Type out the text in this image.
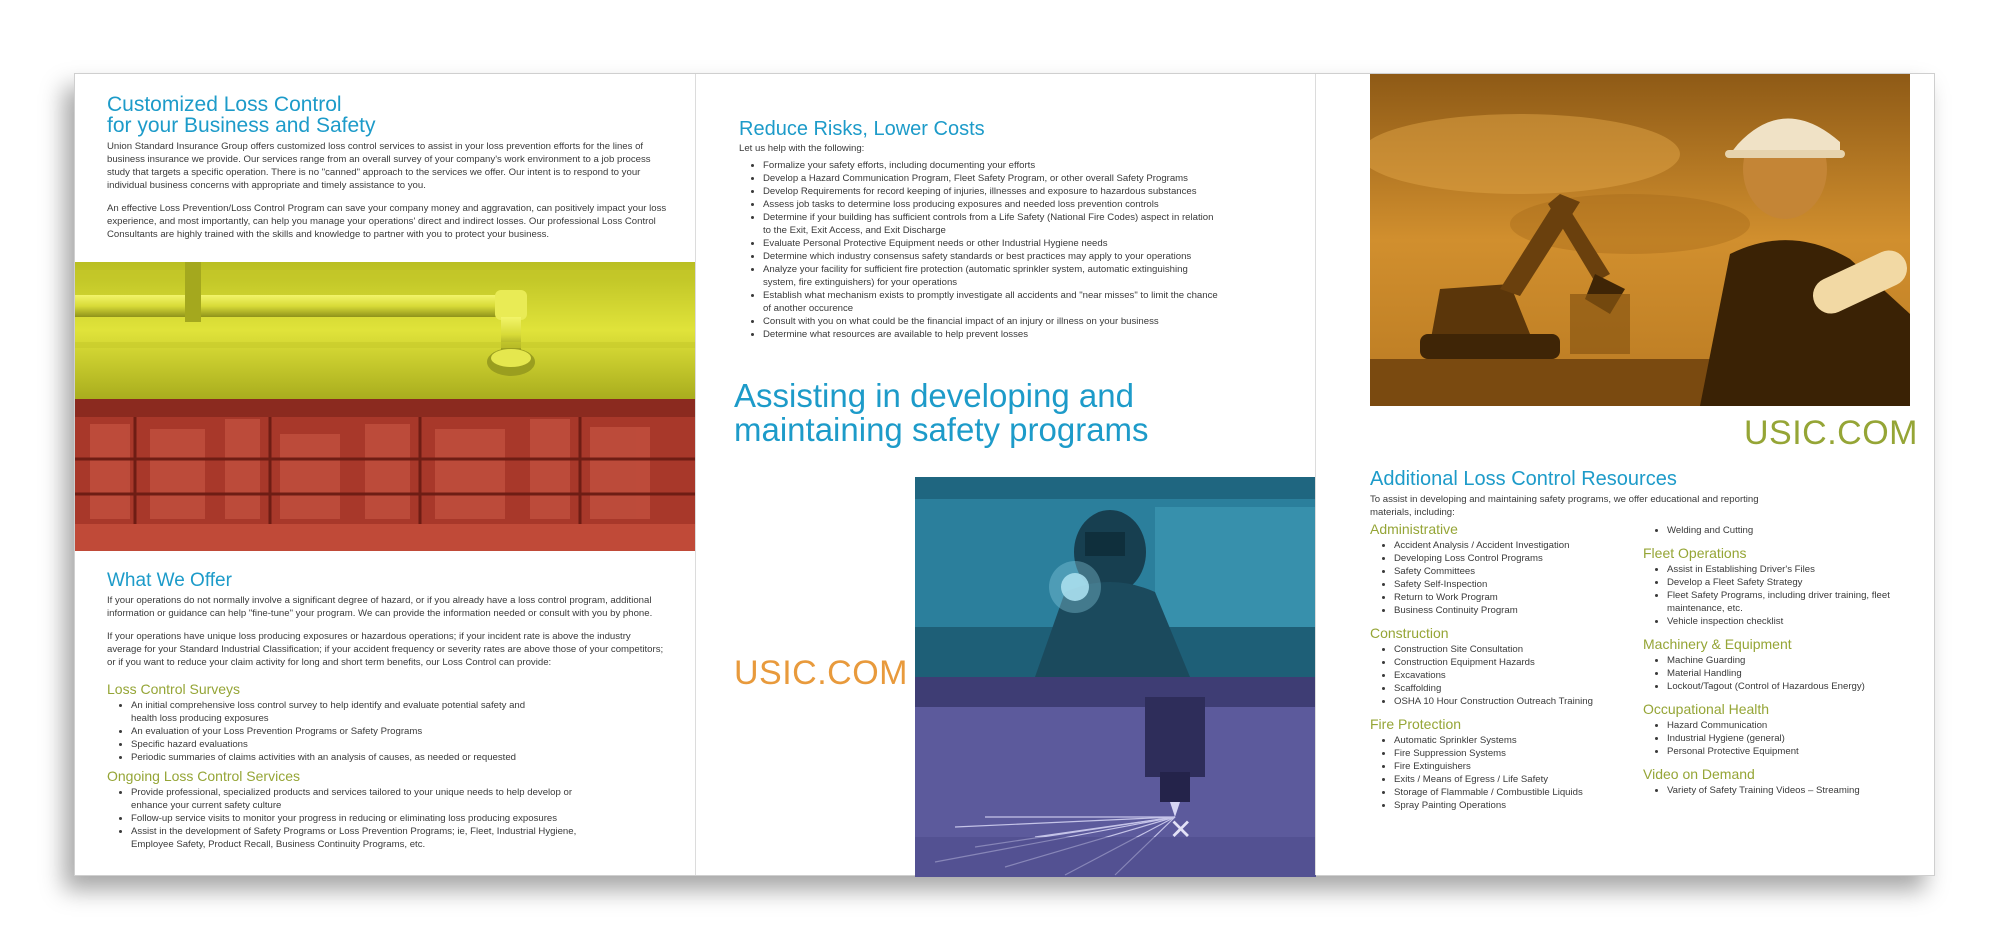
Customized Loss Control
for your Business and Safety

Union Standard Insurance Group offers customized loss control services to assist in your loss prevention efforts for the lines of business insurance we provide. Our services range from an overall survey of your company's work environment to a job process study that targets a specific operation. There is no "canned" approach to the services we offer. Our intent is to respond to your individual business concerns with appropriate and timely assistance to you.

An effective Loss Prevention/Loss Control Program can save your company money and aggravation, can positively impact your loss experience, and most importantly, can help you manage your operations' direct and indirect losses. Our professional Loss Control Consultants are highly trained with the skills and knowledge to partner with you to protect your business.

What We Offer

If your operations do not normally involve a significant degree of hazard, or if you already have a loss control program, additional information or guidance can help "fine-tune" your program. We can provide the information needed or consult with you by phone.

If your operations have unique loss producing exposures or hazardous operations; if your incident rate is above the industry average for your Standard Industrial Classification; if your accident frequency or severity rates are above those of your competitors; or if you want to reduce your claim activity for long and short term benefits, our Loss Control can provide:

Loss Control Surveys
• An initial comprehensive loss control survey to help identify and evaluate potential safety and health loss producing exposures
• An evaluation of your Loss Prevention Programs or Safety Programs
• Specific hazard evaluations
• Periodic summaries of claims activities with an analysis of causes, as needed or requested
Ongoing Loss Control Services
• Provide professional, specialized products and services tailored to your unique needs to help develop or enhance your current safety culture
• Follow-up service visits to monitor your progress in reducing or eliminating loss producing exposures
• Assist in the development of Safety Programs or Loss Prevention Programs; ie, Fleet, Industrial Hygiene, Employee Safety, Product Recall, Business Continuity Programs, etc.
Reduce Risks, Lower Costs

Let us help with the following:

• Formalize your safety efforts, including documenting your efforts
• Develop a Hazard Communication Program, Fleet Safety Program, or other overall Safety Programs
• Develop Requirements for record keeping of injuries, illnesses and exposure to hazardous substances
• Assess job tasks to determine loss producing exposures and needed loss prevention controls
• Determine if your building has sufficient controls from a Life Safety (National Fire Codes) aspect in relation to the Exit, Exit Access, and Exit Discharge
• Evaluate Personal Protective Equipment needs or other Industrial Hygiene needs
• Determine which industry consensus safety standards or best practices may apply to your operations
• Analyze your facility for sufficient fire protection (automatic sprinkler system, automatic extinguishing system, fire extinguishers) for your operations
• Establish what mechanism exists to promptly investigate all accidents and "near misses" to limit the chance of another occurence
• Consult with you on what could be the financial impact of an injury or illness on your business
• Determine what resources are available to help prevent losses
Assisting in developing and
maintaining safety programs
USIC.COM
✕
USIC.COM
Additional Loss Control Resources

To assist in developing and maintaining safety programs, we offer educational and reporting materials, including:

Administrative
• Accident Analysis / Accident Investigation
• Developing Loss Control Programs
• Safety Committees
• Safety Self-Inspection
• Return to Work Program
• Business Continuity Program
Construction
• Construction Site Consultation
• Construction Equipment Hazards
• Excavations
• Scaffolding
• OSHA 10 Hour Construction Outreach Training
Fire Protection
• Automatic Sprinkler Systems
• Fire Suppression Systems
• Fire Extinguishers
• Exits / Means of Egress / Life Safety
• Storage of Flammable / Combustible Liquids
• Spray Painting Operations
• Welding and Cutting
Fleet Operations
• Assist in Establishing Driver's Files
• Develop a Fleet Safety Strategy
• Fleet Safety Programs, including driver training, fleet maintenance, etc.
• Vehicle inspection checklist
Machinery & Equipment
• Machine Guarding
• Material Handling
• Lockout/Tagout (Control of Hazardous Energy)
Occupational Health
• Hazard Communication
• Industrial Hygiene (general)
• Personal Protective Equipment
Video on Demand
• Variety of Safety Training Videos – Streaming
